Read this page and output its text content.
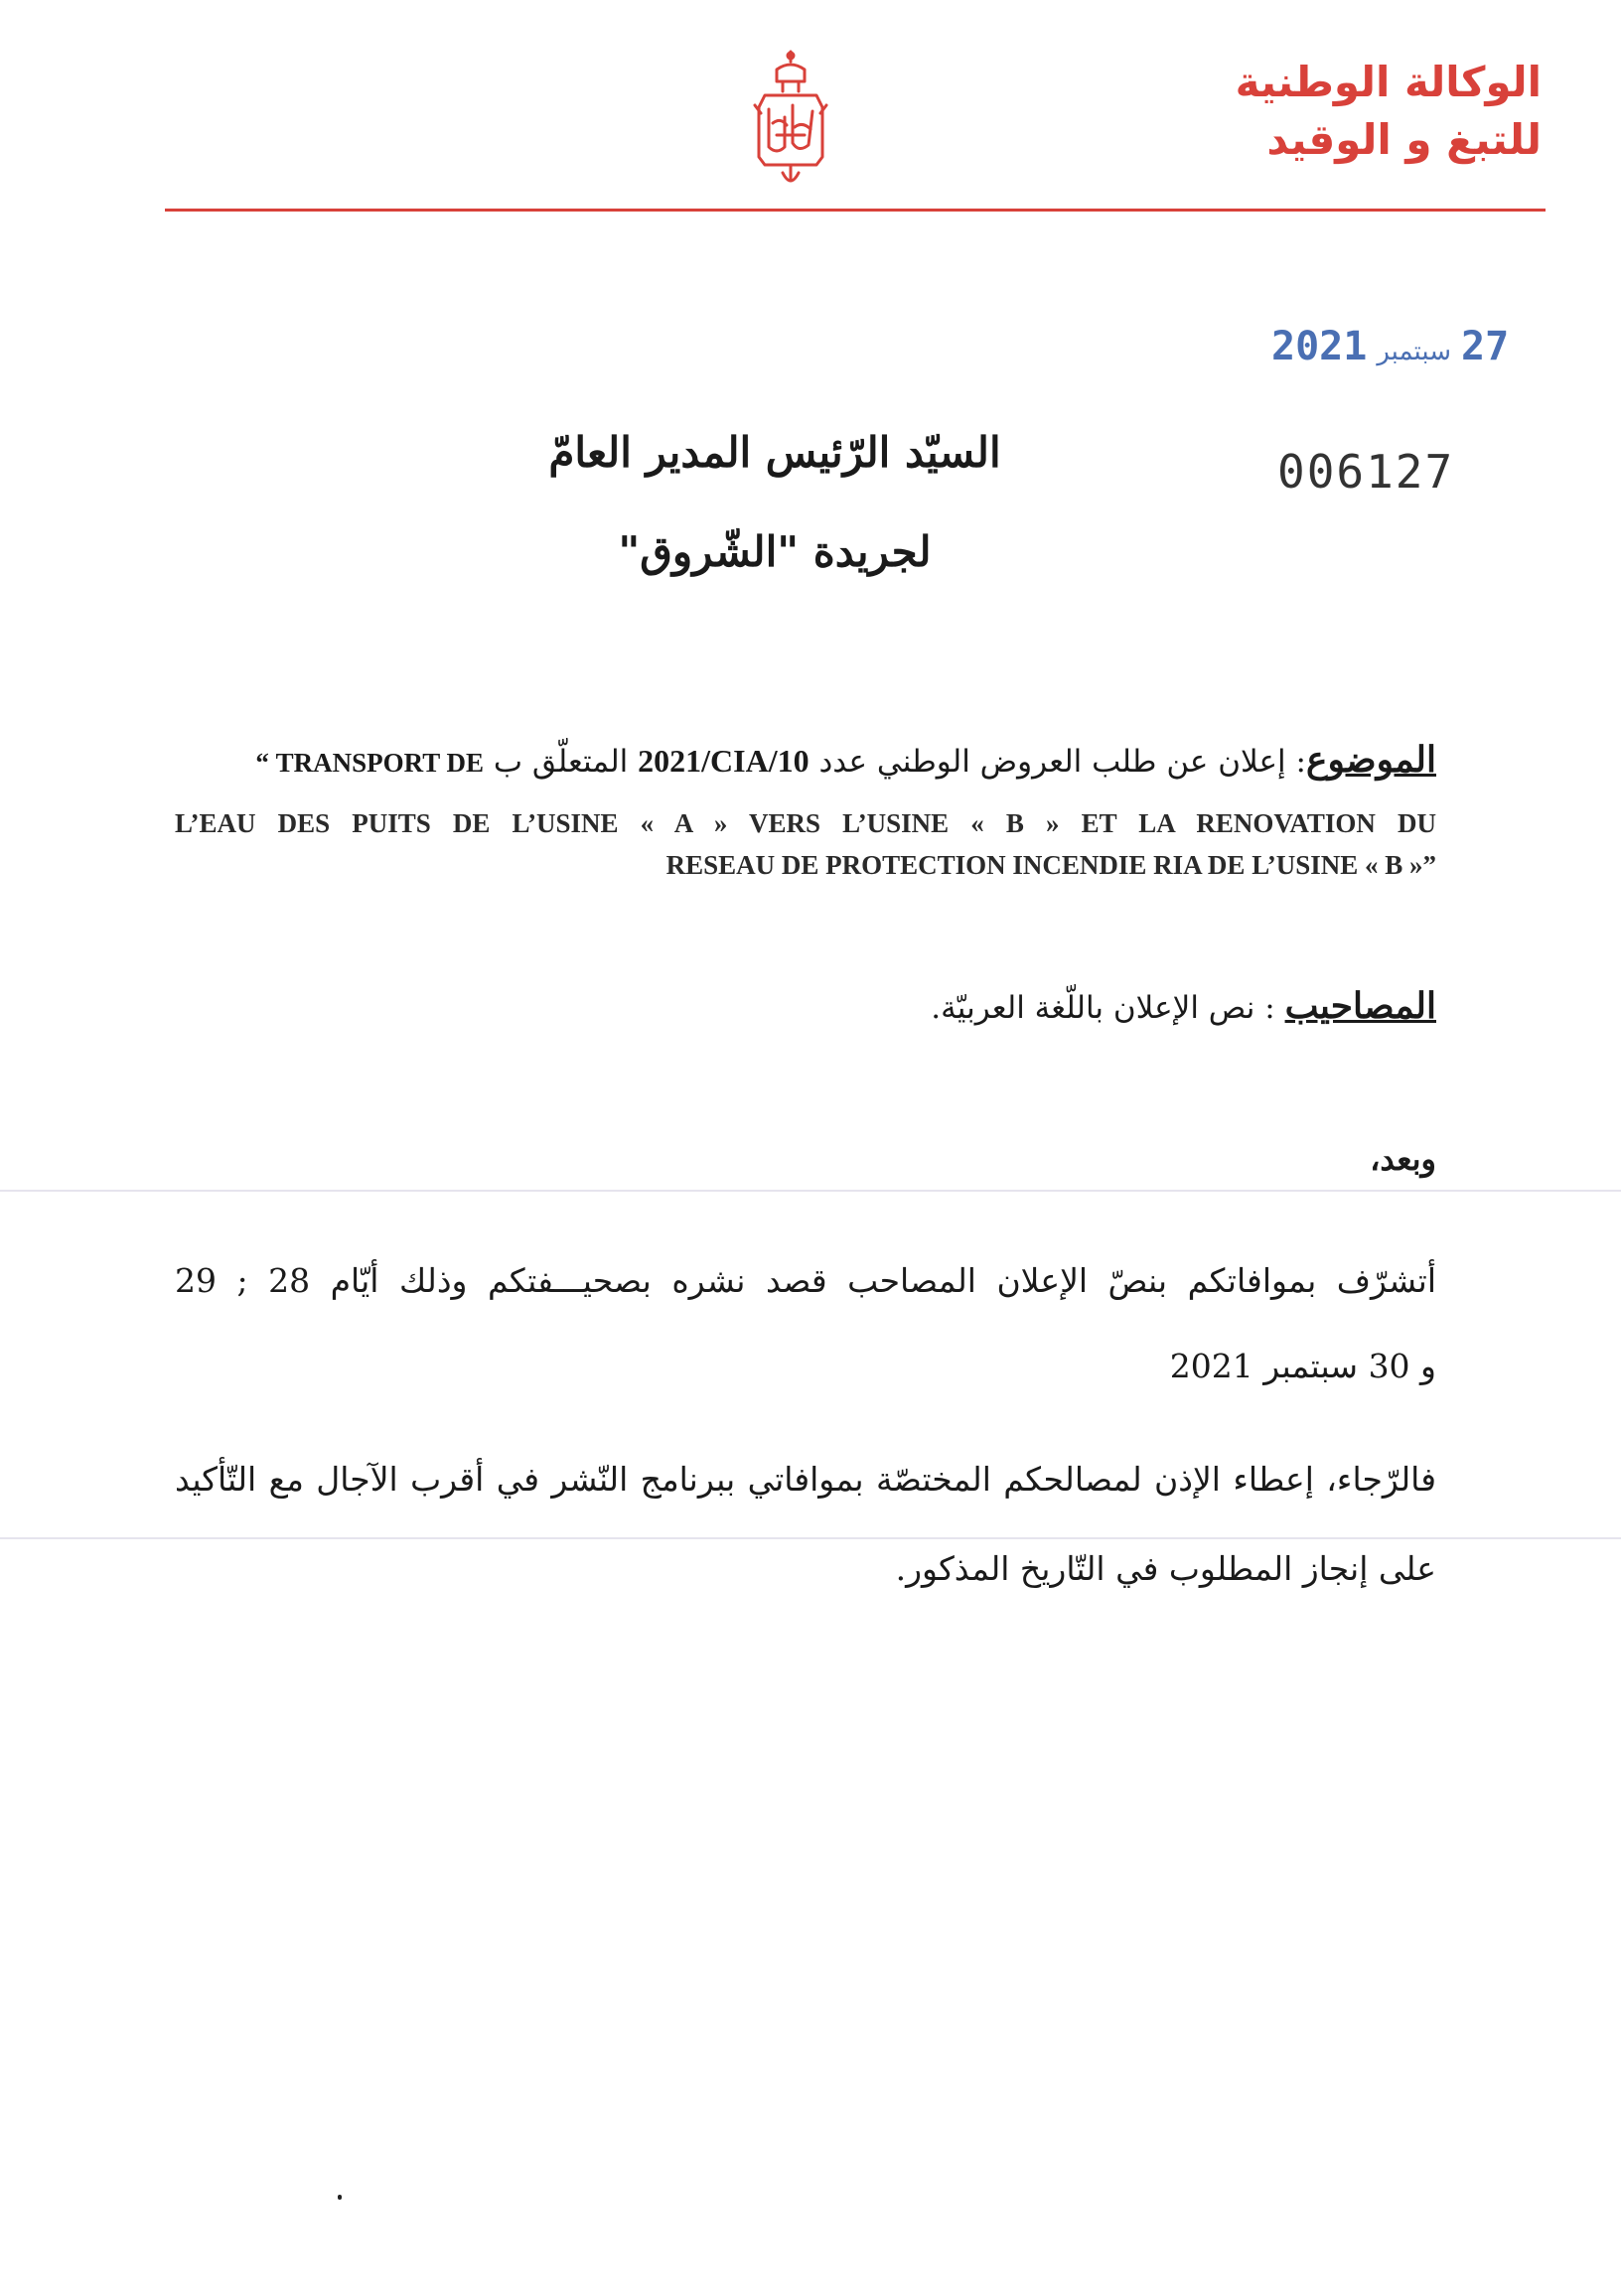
الوكالة الوطنية
للتبغ و الوقيد
2021 سبتمبر 27
006127
السيّد الرّئيس المدير العامّ
لجريدة "الشّروق"
الموضوع: إعلان عن طلب العروض الوطني عدد 2021/CIA/10 المتعلّق ب “ TRANSPORT DE
L’EAU DES PUITS DE L’USINE « A » VERS L’USINE « B » ET LA RENOVATION DU
RESEAU DE PROTECTION INCENDIE RIA DE L’USINE « B »”
المصاحيب : نص الإعلان باللّغة العربيّة.
وبعد،
أتشرّف بموافاتكم بنصّ الإعلان المصاحب قصد نشره بصحيـــفتكم وذلك أيّام 28 ; 29
و 30 سبتمبر 2021
فالرّجاء، إعطاء الإذن لمصالحكم المختصّة بموافاتي ببرنامج النّشر في أقرب الآجال مع التّأكيد
على إنجاز المطلوب في التّاريخ المذكور.
